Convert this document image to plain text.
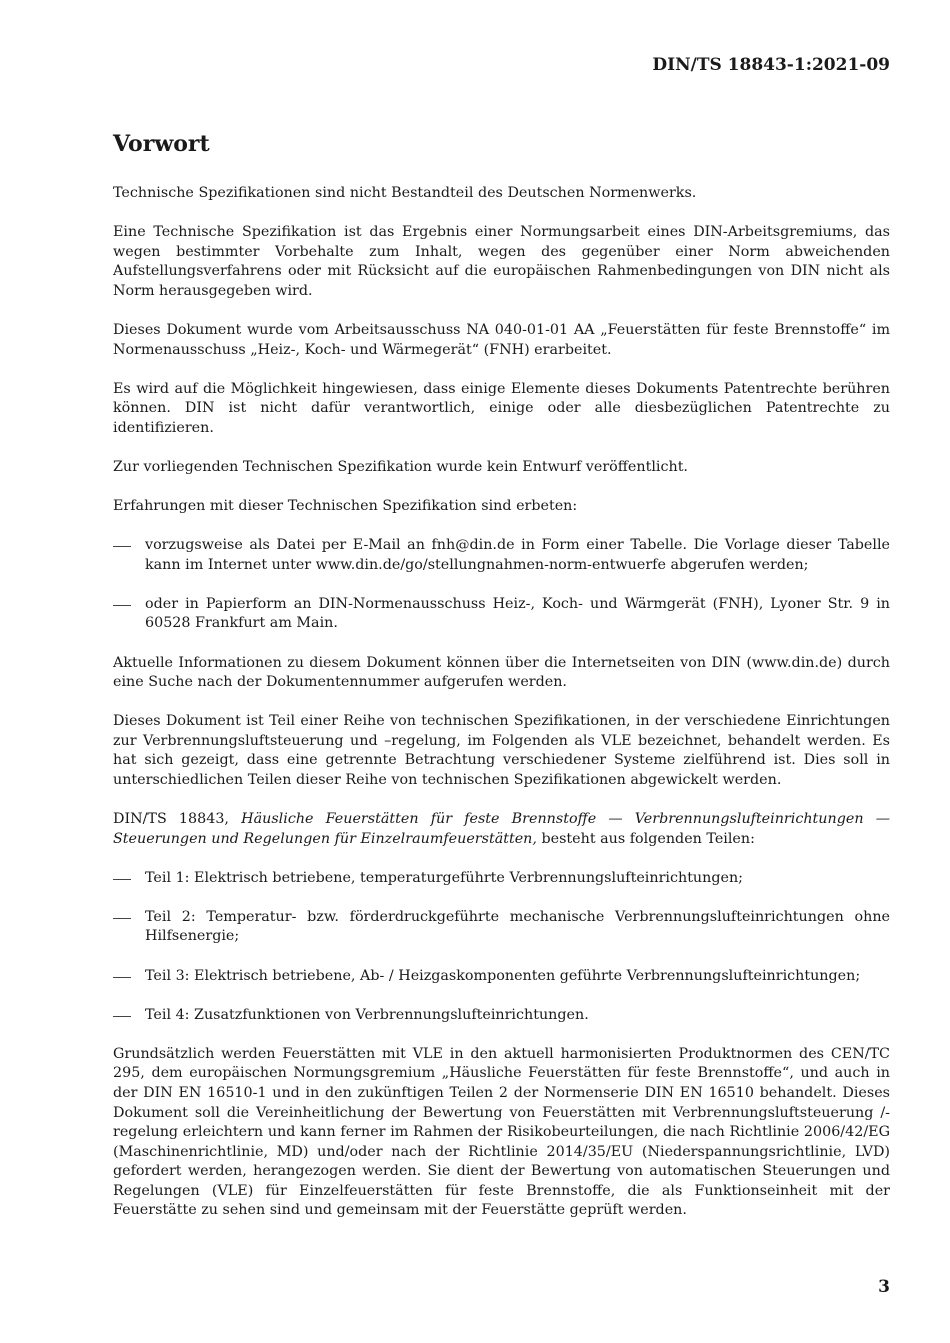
DIN/TS 18843-1:2021-09
Vorwort

Technische Spezifikationen sind nicht Bestandteil des Deutschen Normenwerks.

Eine Technische Spezifikation ist das Ergebnis einer Normungsarbeit eines DIN-Arbeitsgremiums, das wegen bestimmter Vorbehalte zum Inhalt, wegen des gegenüber einer Norm abweichenden Aufstellungsverfahrens oder mit Rücksicht auf die europäischen Rahmenbedingungen von DIN nicht als Norm herausgegeben wird.

Dieses Dokument wurde vom Arbeitsausschuss NA 040-01-01 AA „Feuerstätten für feste Brennstoffe“ im Normenausschuss „Heiz-, Koch- und Wärmegerät“ (FNH) erarbeitet.

Es wird auf die Möglichkeit hingewiesen, dass einige Elemente dieses Dokuments Patentrechte berühren können. DIN ist nicht dafür verantwortlich, einige oder alle diesbezüglichen Patentrechte zu identifizieren.

Zur vorliegenden Technischen Spezifikation wurde kein Entwurf veröffentlicht.

Erfahrungen mit dieser Technischen Spezifikation sind erbeten:

vorzugsweise als Datei per E-Mail an fnh@din.de in Form einer Tabelle. Die Vorlage dieser Tabelle kann im Internet unter www.din.de/go/stellungnahmen-norm-entwuerfe abgerufen werden;
oder in Papierform an DIN-Normenausschuss Heiz-, Koch- und Wärmgerät (FNH), Lyoner Str. 9 in 60528 Frankfurt am Main.

Aktuelle Informationen zu diesem Dokument können über die Internetseiten von DIN (www.din.de) durch eine Suche nach der Dokumentennummer aufgerufen werden.

Dieses Dokument ist Teil einer Reihe von technischen Spezifikationen, in der verschiedene Einrichtungen zur Verbrennungsluftsteuerung und –regelung, im Folgenden als VLE bezeichnet, behandelt werden. Es hat sich gezeigt, dass eine getrennte Betrachtung verschiedener Systeme zielführend ist. Dies soll in unterschiedlichen Teilen dieser Reihe von technischen Spezifikationen abgewickelt werden.

DIN/TS 18843, Häusliche Feuerstätten für feste Brennstoffe — Verbrennungslufteinrichtungen — Steuerungen und Regelungen für Einzelraumfeuerstätten, besteht aus folgenden Teilen:

Teil 1: Elektrisch betriebene, temperaturgeführte Verbrennungslufteinrichtungen;
Teil 2: Temperatur- bzw. förderdruckgeführte mechanische Verbrennungslufteinrichtungen ohne Hilfsenergie;
Teil 3: Elektrisch betriebene, Ab- / Heizgaskomponenten geführte Verbrennungslufteinrichtungen;
Teil 4: Zusatzfunktionen von Verbrennungslufteinrichtungen.

Grundsätzlich werden Feuerstätten mit VLE in den aktuell harmonisierten Produktnormen des CEN/TC 295, dem europäischen Normungsgremium „Häusliche Feuerstätten für feste Brennstoffe“, und auch in der DIN EN 16510-1 und in den zukünftigen Teilen 2 der Normenserie DIN EN 16510 behandelt. Dieses Dokument soll die Vereinheitlichung der Bewertung von Feuerstätten mit Verbrennungsluftsteuerung /-regelung erleichtern und kann ferner im Rahmen der Risikobeurteilungen, die nach Richtlinie 2006/42/EG (Maschinenrichtlinie, MD) und/oder nach der Richtlinie 2014/35/EU (Niederspannungsrichtlinie, LVD) gefordert werden, herangezogen werden. Sie dient der Bewertung von automatischen Steuerungen und Regelungen (VLE) für Einzelfeuerstätten für feste Brennstoffe, die als Funktionseinheit mit der Feuerstätte zu sehen sind und gemeinsam mit der Feuerstätte geprüft werden.

3
